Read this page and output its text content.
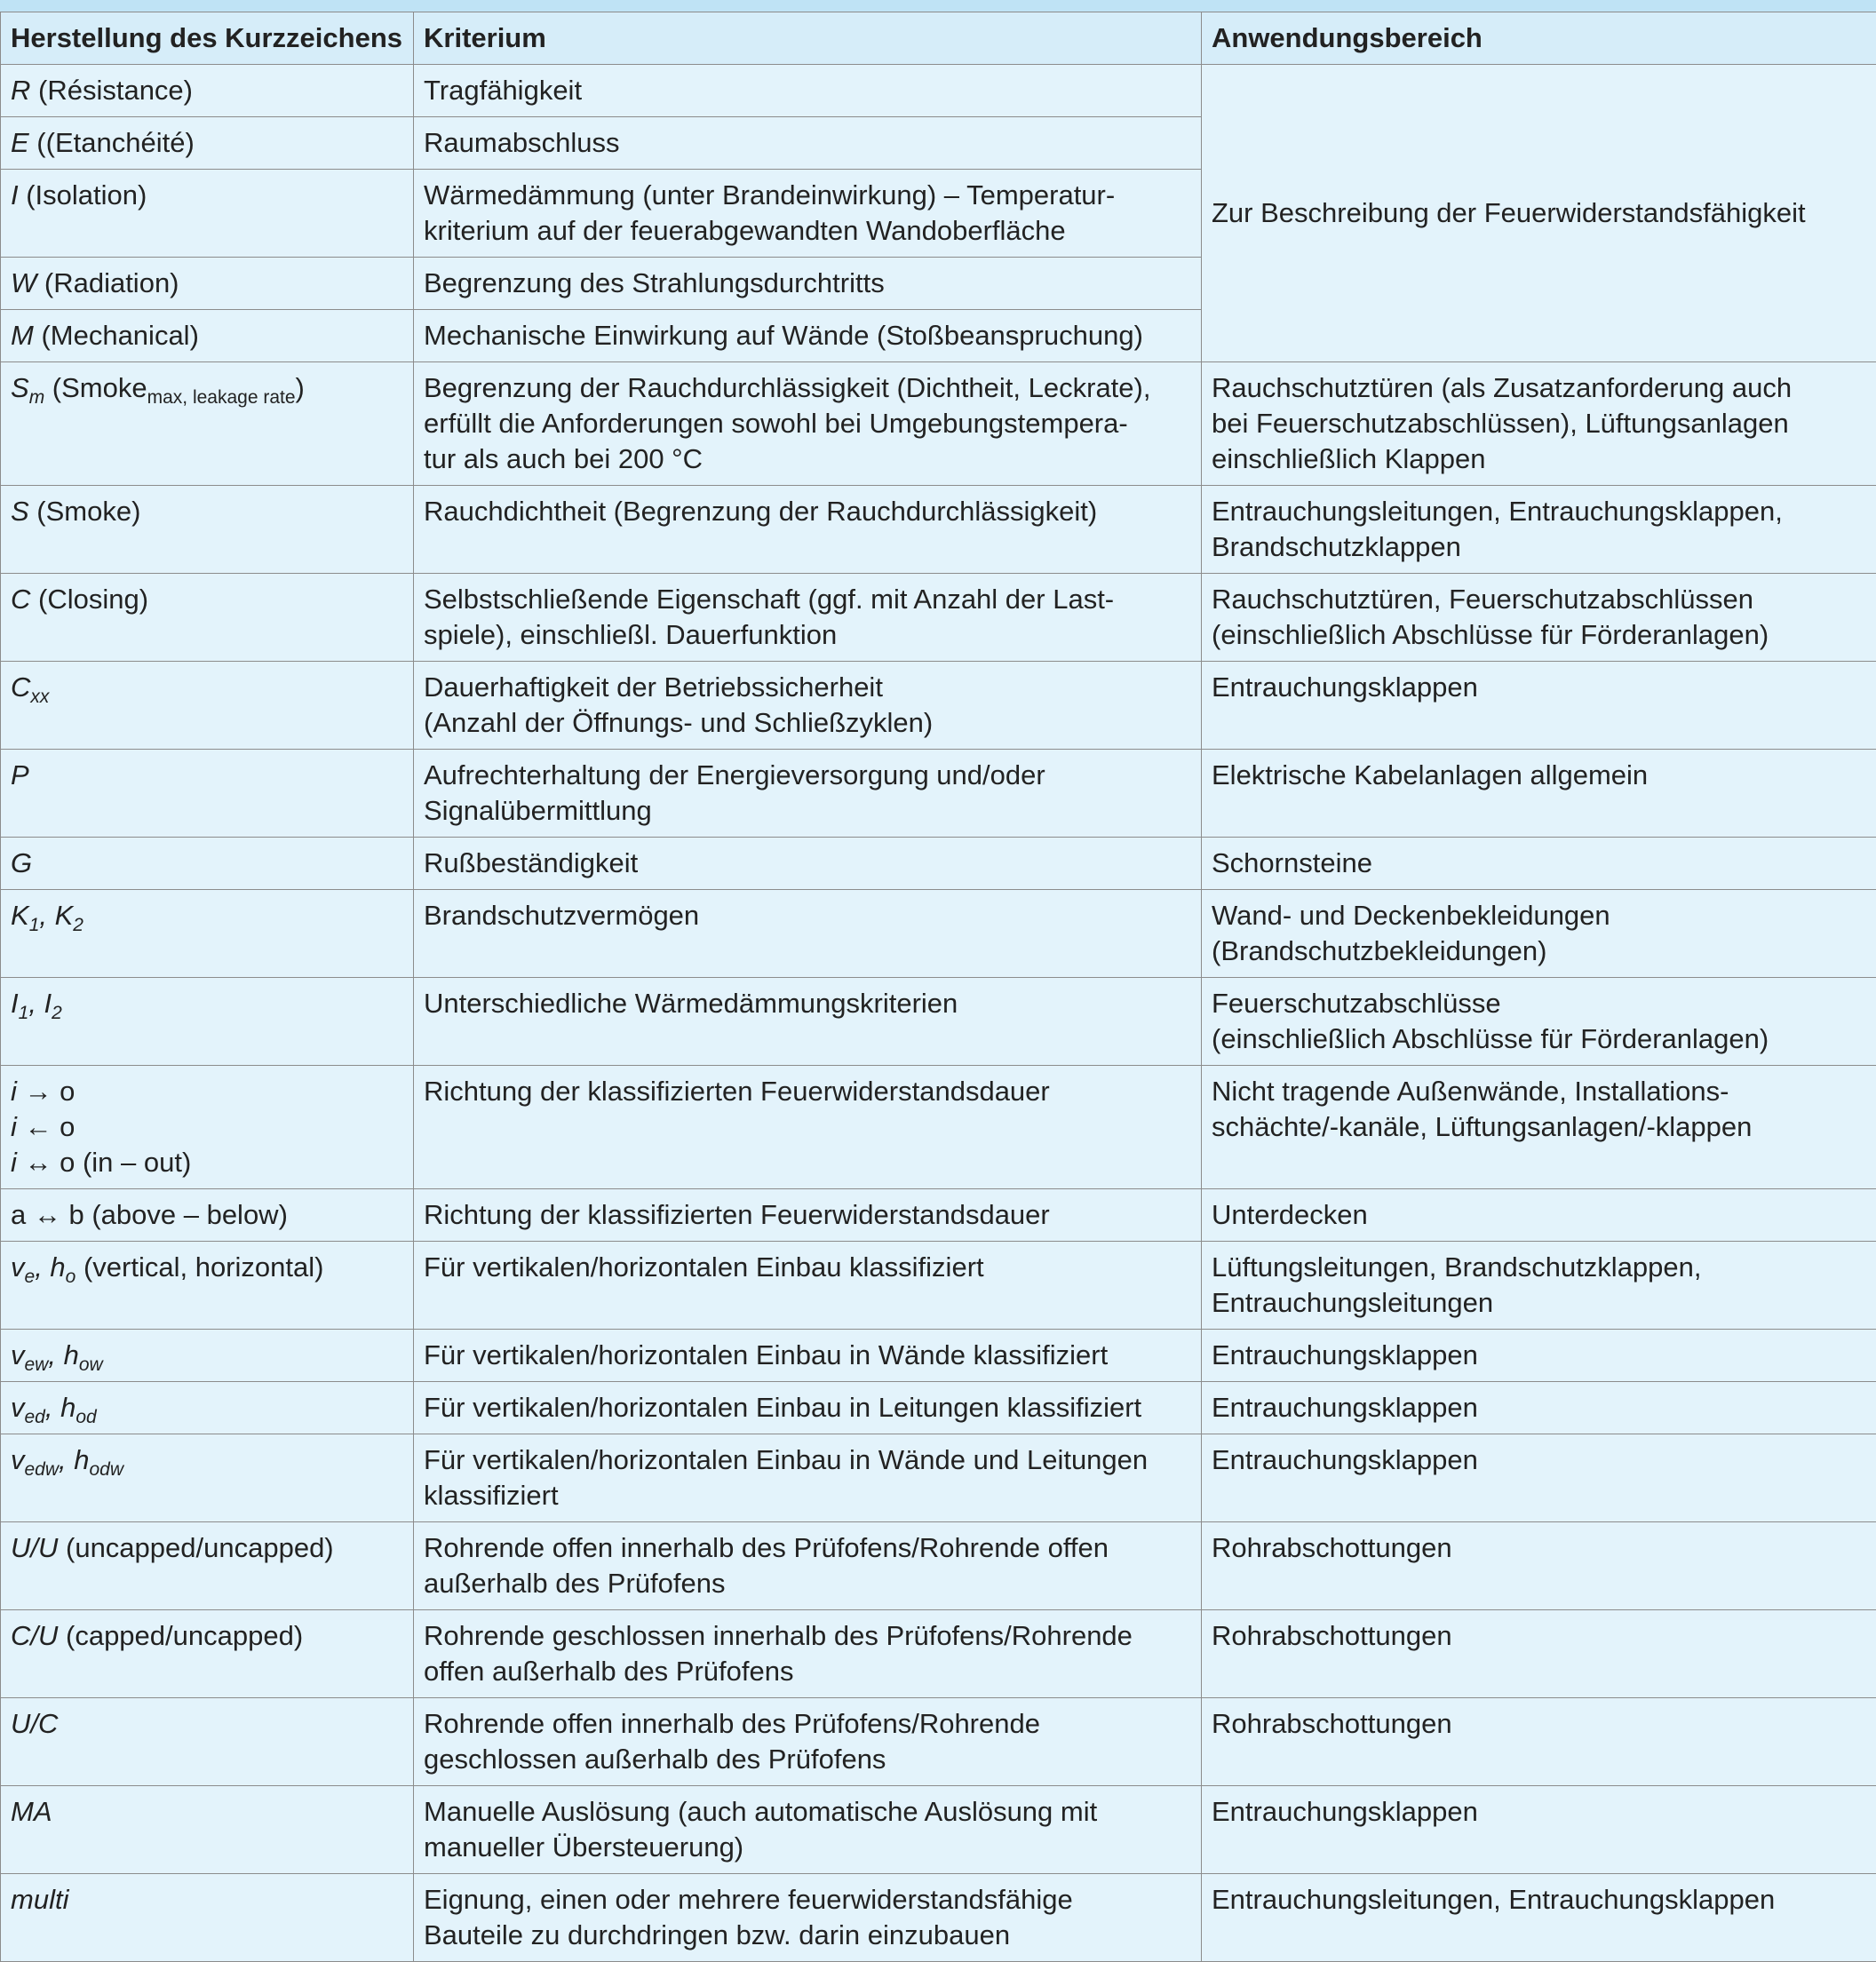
Herstellung des Kurzzeichens	Kriterium	Anwendungsbereich
R (Résistance)	Tragfähigkeit	Zur Beschreibung der Feuerwiderstandsfähigkeit
E ((Etanchéité)	Raumabschluss	
I (Isolation)	Wärmedämmung (unter Brandeinwirkung) – Temperatur-
kriterium auf der feuerabgewandten Wandoberfläche	

W (Radiation)	Begrenzung des Strahlungsdurchtritts	
M (Mechanical)	Mechanische Einwirkung auf Wände (Stoßbeanspruchung)	
$S_m$ (Smoke$_{max, leakage rate}$)	Begrenzung der Rauchdurchlässigkeit (Dichtheit, Leckrate),
erfüllt die Anforderungen sowohl bei Umgebungstempera-
tur als auch bei 200 °C	Rauchschutztüren (als Zusatzanforderung auch
bei Feuerschutzabschlüssen), Lüftungsanlagen
einschließlich Klappen

S (Smoke)	Rauchdichtheit (Begrenzung der Rauchdurchlässigkeit)	Entrauchungsleitungen, Entrauchungsklappen,
Brandschutzklappen

C (Closing)	Selbstschließende Eigenschaft (ggf. mit Anzahl der Last-
spiele), einschließl. Dauerfunktion	Rauchschutztüren, Feuerschutzabschlüssen
(einschließlich Abschlüsse für Förderanlagen)

$C_{xx}$	Dauerhaftigkeit der Betriebssicherheit
(Anzahl der Öffnungs- und Schließzyklen)	Entrauchungsklappen
P	Aufrechterhaltung der Energieversorgung und/oder
Signalübermittlung	Elektrische Kabelanlagen allgemein
G	Rußbeständigkeit	Schornsteine
$K_1$, $K_2$	Brandschutzvermögen	Wand- und Deckenbekleidungen
(Brandschutzbekleidungen)

$I_1$, $I_2$	Unterschiedliche Wärmedämmungskriterien	Feuerschutzabschlüsse
(einschließlich Abschlüsse für Förderanlagen)

i → o
i ← o
i ↔ o (in – out)	Richtung der klassifizierten Feuerwiderstandsdauer	Nicht tragende Außenwände, Installations-
schächte/-kanäle, Lüftungsanlagen/-klappen

a ↔ b (above – below)	Richtung der klassifizierten Feuerwiderstandsdauer	Unterdecken
$v_e$, $h_o$ (vertical, horizontal)	Für vertikalen/horizontalen Einbau klassifiziert	Lüftungsleitungen, Brandschutzklappen,
Entrauchungsleitungen

$v_{ew}$, $h_{ow}$	Für vertikalen/horizontalen Einbau in Wände klassifiziert	Entrauchungsklappen
$v_{ed}$, $h_{od}$	Für vertikalen/horizontalen Einbau in Leitungen klassifiziert	Entrauchungsklappen
$v_{edw}$, $h_{odw}$	Für vertikalen/horizontalen Einbau in Wände und Leitungen
klassifiziert	Entrauchungsklappen
U/U (uncapped/uncapped)	Rohrende offen innerhalb des Prüfofens/Rohrende offen
außerhalb des Prüfofens	Rohrabschottungen
C/U (capped/uncapped)	Rohrende geschlossen innerhalb des Prüfofens/Rohrende
offen außerhalb des Prüfofens	Rohrabschottungen
U/C	Rohrende offen innerhalb des Prüfofens/Rohrende
geschlossen außerhalb des Prüfofens	Rohrabschottungen
MA	Manuelle Auslösung (auch automatische Auslösung mit
manueller Übersteuerung)	Entrauchungsklappen
multi	Eignung, einen oder mehrere feuerwiderstandsfähige
Bauteile zu durchdringen bzw. darin einzubauen	Entrauchungsleitungen, Entrauchungsklappen
